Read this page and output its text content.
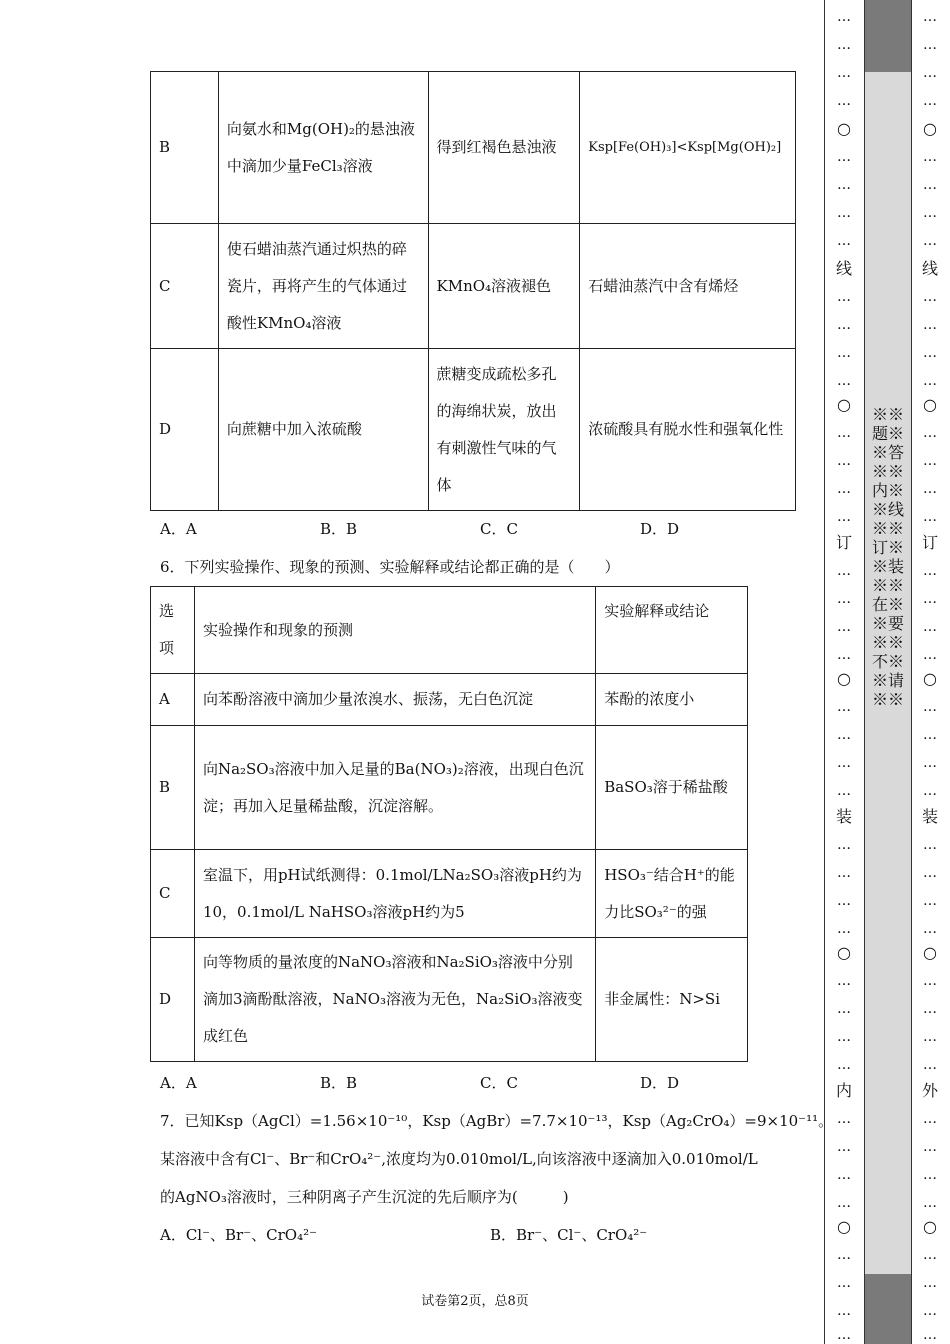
B	向氨水和Mg(OH)₂的悬浊液中滴加少量FeCl₃溶液	得到红褐色悬浊液	Ksp[Fe(OH)₃]<Ksp[Mg(OH)₂]
C	使石蜡油蒸汽通过炽热的碎瓷片，再将产生的气体通过酸性KMnO₄溶液	KMnO₄溶液褪色	石蜡油蒸汽中含有烯烃
D	向蔗糖中加入浓硫酸	蔗糖变成疏松多孔的海绵状炭，放出有刺激性气味的气体	浓硫酸具有脱水性和强氧化性
A．A	B．B	C．C	D．D
6．下列实验操作、现象的预测、实验解释或结论都正确的是（　　）
选项	实验操作和现象的预测	实验解释或结论
A	向苯酚溶液中滴加少量浓溴水、振荡，无白色沉淀	苯酚的浓度小
B	向Na₂SO₃溶液中加入足量的Ba(NO₃)₂溶液，出现白色沉淀；再加入足量稀盐酸，沉淀溶解。	BaSO₃溶于稀盐酸
C	室温下，用pH试纸测得：0.1mol/LNa₂SO₃溶液pH约为10，0.1mol/L NaHSO₃溶液pH约为5	HSO₃⁻结合H⁺的能力比SO₃²⁻的强
D	向等物质的量浓度的NaNO₃溶液和Na₂SiO₃溶液中分别滴加3滴酚酞溶液，NaNO₃溶液为无色，Na₂SiO₃溶液变成红色	非金属性：N>Si
A．A	B．B	C．C	D．D
7．已知Ksp（AgCl）=1.56×10⁻¹⁰，Ksp（AgBr）=7.7×10⁻¹³，Ksp（Ag₂CrO₄）=9×10⁻¹¹。
某溶液中含有Cl⁻、Br⁻和CrO₄²⁻,浓度均为0.010mol/L,向该溶液中逐滴加入0.010mol/L
的AgNO₃溶液时，三种阴离子产生沉淀的先后顺序为(　　　)
A．Cl⁻、Br⁻、CrO₄²⁻	B．Br⁻、Cl⁻、CrO₄²⁻
试卷第2页，总8页
※※题※※答※※内※※线※※订※※装※※在※※要※※不※※请※※
…
…
…
…
○
…
…
…
…
线
…
…
…
…
○
…
…
…
…
订
…
…
…
…
○
…
…
…
…
装
…
…
…
…
○
…
…
…
…
内
…
…
…
…
○
…
…
…
…
…
…
…
…
○
…
…
…
…
线
…
…
…
…
○
…
…
…
…
订
…
…
…
…
○
…
…
…
…
装
…
…
…
…
○
…
…
…
…
外
…
…
…
…
○
…
…
…
…
